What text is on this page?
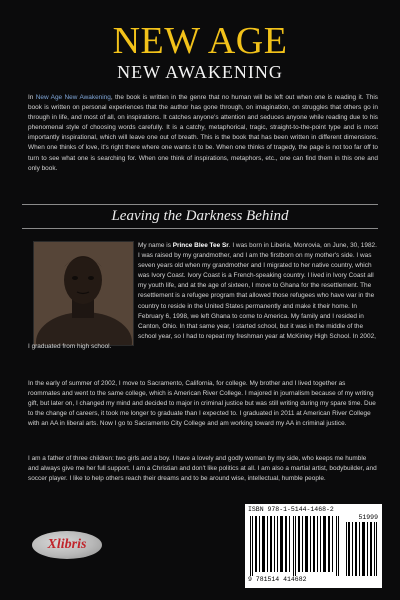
NEW AGE
NEW AWAKENING
In New Age New Awakening, the book is written in the genre that no human will be left out when one is reading it. This book is written on personal experiences that the author has gone through, on imagination, on struggles that others go in through in life, and most of all, on inspirations. It catches anyone's attention and seduces anyone while reading due to his phenomenal style of choosing words carefully. It is a catchy, metaphorical, tragic, straight-to-the-point type and is most importantly inspirational, which will leave one out of breath. This is the book that has been written in different dimensions. When one thinks of love, it's right there where one wants it to be. When one thinks of tragedy, the page is not too far off to turn to see what one is searching for. When one think of inspirations, metaphors, etc., one can find them in this one and only book.
Leaving the Darkness Behind
My name is Prince Blee Tee Sr. I was born in Liberia, Monrovia, on June, 30, 1982. I was raised by my grandmother, and I am the firstborn on my mother's side. I was seven years old when my grandmother and I migrated to her native country, which was Ivory Coast. Ivory Coast is a French-speaking country. I lived in Ivory Coast all my youth life, and at the age of sixteen, I move to Ghana for the resettlement. The resettlement is a refugee program that allowed those refugees who have war in the country to reside in the United States permanently and make it their home. In February 6, 1998, we left Ghana to come to America. My family and I resided in Canton, Ohio. In that same year, I started school, but it was in the middle of the school year, so I had to repeat my freshman year at McKinley High School. In 2002, I graduated from high school.
In the early of summer of 2002, I move to Sacramento, California, for college. My brother and I lived together as roommates and went to the same college, which is American River College. I majored in journalism because of my writing gift, but later on, I changed my mind and decided to major in criminal justice but was still writing during my spare time. Due to the change of careers, it took me longer to graduate than I expected to. I graduated in 2011 at American River College with an AA in liberal arts. Now I go to Sacramento City College and am working toward my AA in criminal justice.
I am a father of three children: two girls and a boy. I have a lovely and godly woman by my side, who keeps me humble and always give me her full support. I am a Christian and don't like politics at all. I am also a martial artist, bodybuilder, and soccer player. I like to help others reach their dreams and to be around wise, intellectual, humble people.
Xlibris
ISBN 978-1-5144-1468-2
51999
9 781514 414682
